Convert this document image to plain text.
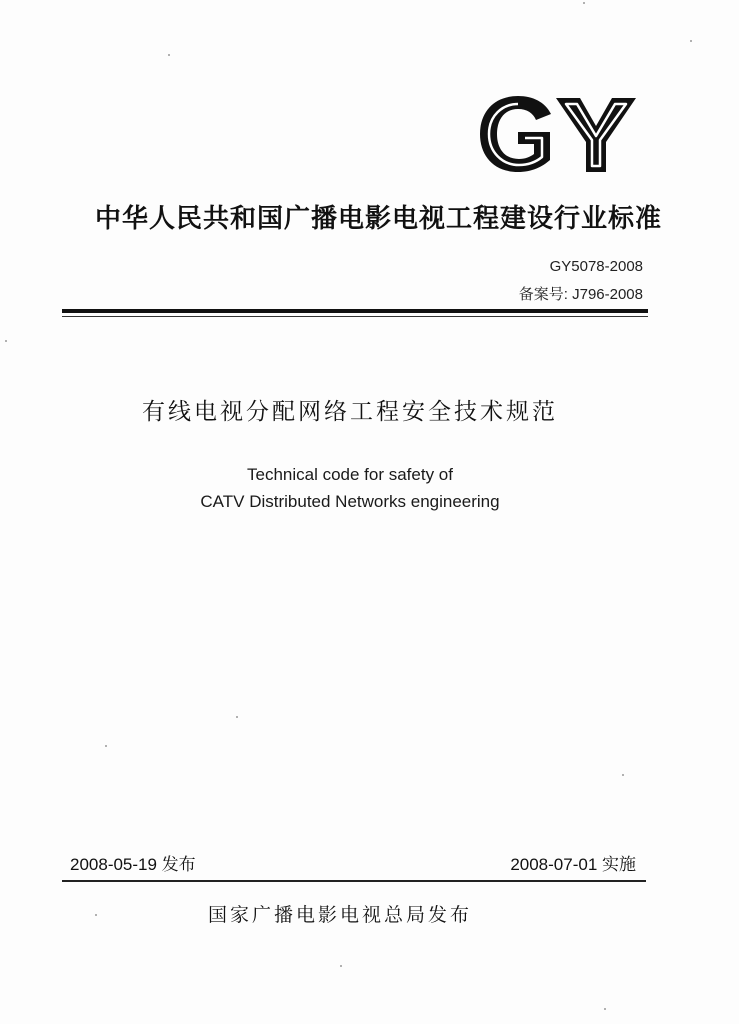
中华人民共和国广播电影电视工程建设行业标准
GY5078-2008
备案号: J796-2008
有线电视分配网络工程安全技术规范
Technical code for safety of
CATV Distributed Networks engineering
2008-05-19 发布	2008-07-01 实施
国家广播电影电视总局发布
